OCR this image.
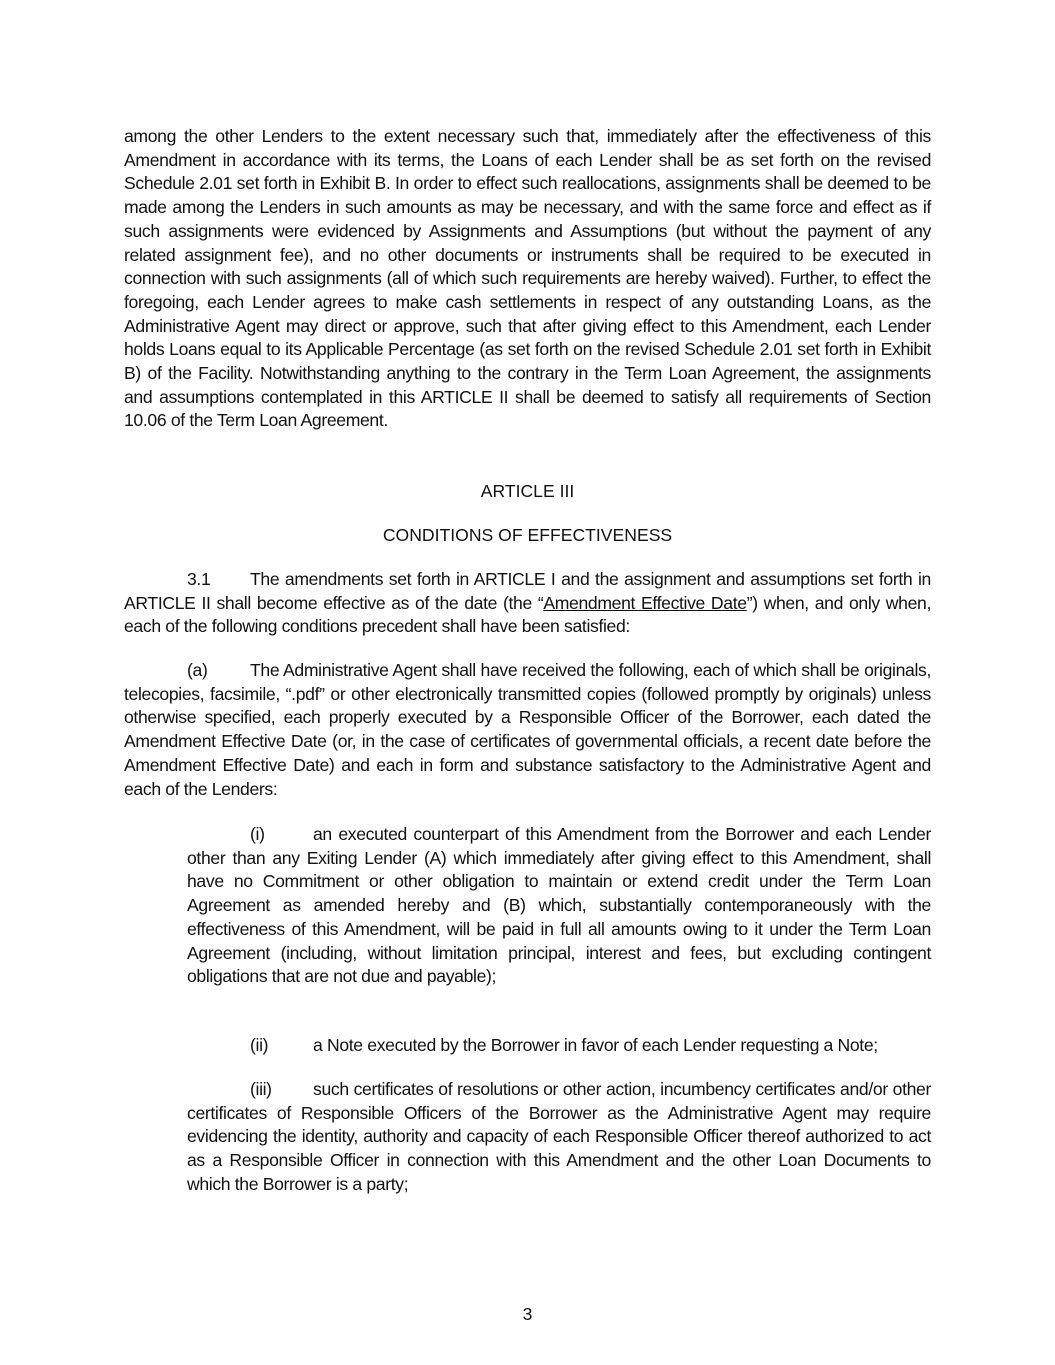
among the other Lenders to the extent necessary such that, immediately after the effectiveness of this Amendment in accordance with its terms, the Loans of each Lender shall be as set forth on the revised Schedule 2.01 set forth in Exhibit B. In order to effect such reallocations, assignments shall be deemed to be made among the Lenders in such amounts as may be necessary, and with the same force and effect as if such assignments were evidenced by Assignments and Assumptions (but without the payment of any related assignment fee), and no other documents or instruments shall be required to be executed in connection with such assignments (all of which such requirements are hereby waived). Further, to effect the foregoing, each Lender agrees to make cash settlements in respect of any outstanding Loans, as the Administrative Agent may direct or approve, such that after giving effect to this Amendment, each Lender holds Loans equal to its Applicable Percentage (as set forth on the revised Schedule 2.01 set forth in Exhibit B) of the Facility. Notwithstanding anything to the contrary in the Term Loan Agreement, the assignments and assumptions contemplated in this ARTICLE II shall be deemed to satisfy all requirements of Section 10.06 of the Term Loan Agreement.

ARTICLE III

CONDITIONS OF EFFECTIVENESS

3.1 The amendments set forth in ARTICLE I and the assignment and assumptions set forth in ARTICLE II shall become effective as of the date (the “Amendment Effective Date”) when, and only when, each of the following conditions precedent shall have been satisfied:

(a) The Administrative Agent shall have received the following, each of which shall be originals, telecopies, facsimile, “.pdf” or other electronically transmitted copies (followed promptly by originals) unless otherwise specified, each properly executed by a Responsible Officer of the Borrower, each dated the Amendment Effective Date (or, in the case of certificates of governmental officials, a recent date before the Amendment Effective Date) and each in form and substance satisfactory to the Administrative Agent and each of the Lenders:

(i)	an executed counterpart of this Amendment from the Borrower and each Lender other than any Exiting Lender (A) which immediately after giving effect to this Amendment, shall have no Commitment or other obligation to maintain or extend credit under the Term Loan Agreement as amended hereby and (B) which, substantially contemporaneously with the effectiveness of this Amendment, will be paid in full all amounts owing to it under the Term Loan Agreement (including, without limitation principal, interest and fees, but excluding contingent obligations that are not due and payable);

(ii)	a Note executed by the Borrower in favor of each Lender requesting a Note;

(iii) such certificates of resolutions or other action, incumbency certificates and/or other certificates of Responsible Officers of the Borrower as the Administrative Agent may require evidencing the identity, authority and capacity of each Responsible Officer thereof authorized to act as a Responsible Officer in connection with this Amendment and the other Loan Documents to which the Borrower is a party;

3
